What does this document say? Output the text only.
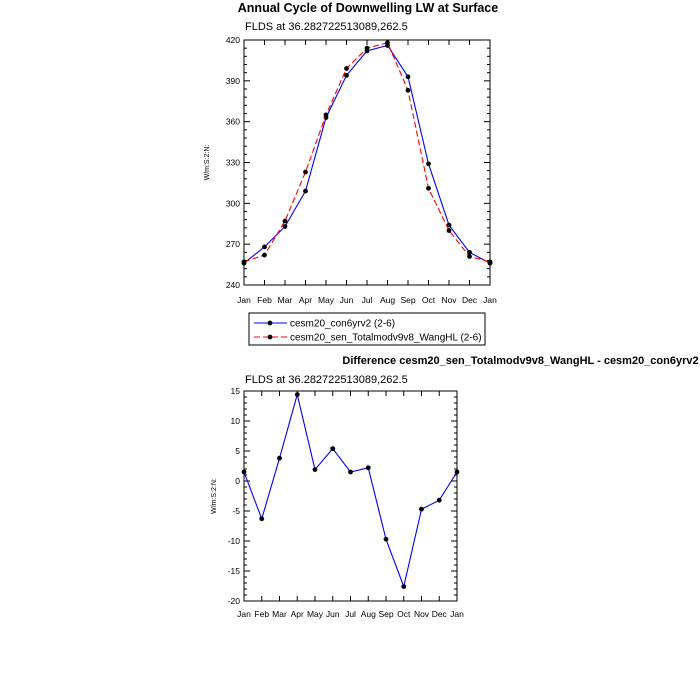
Annual Cycle of Downwelling LW at Surface
FLDS at 36.282722513089,262.5
Difference cesm20_sen_Totalmodv9v8_WangHL - cesm20_con6yrv2
FLDS at 36.282722513089,262.5
Jan Feb Mar Apr May Jun Jul Aug Sep Oct Nov Dec Jan
240
270
300
330
360
390
420
W/m:S:2:N:
cesm20_con6yrv2 (2-6)
cesm20_sen_Totalmodv9v8_WangHL (2-6)
Jan Feb Mar Apr May Jun Jul Aug Sep Oct Nov Dec Jan
-20
-15
-10
-5
0
5
10
15
W/m:S:2:N:
